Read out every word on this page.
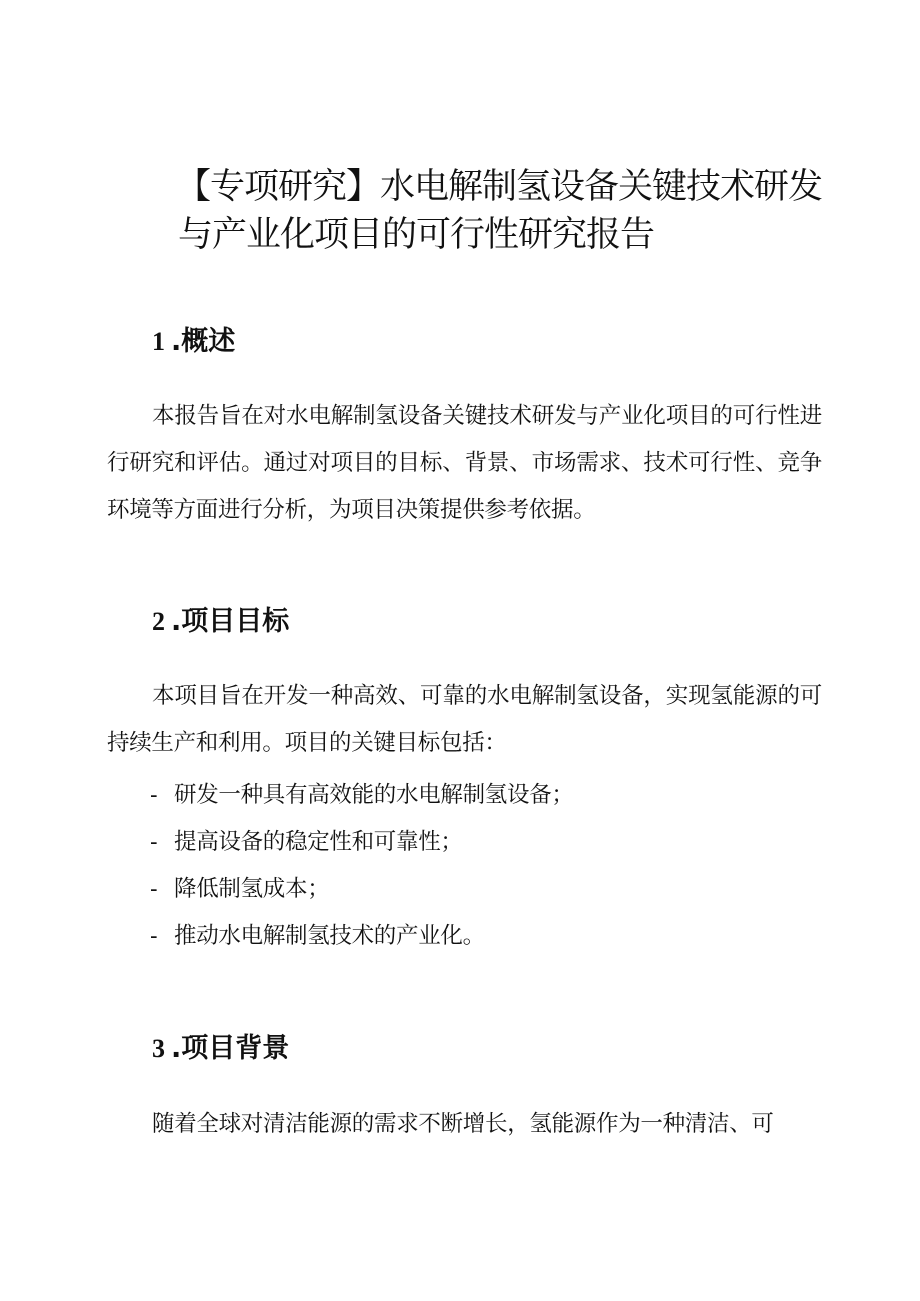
【专项研究】水电解制氢设备关键技术研发
与产业化项目的可行性研究报告
1 .概述

本报告旨在对水电解制氢设备关键技术研发与产业化项目的可行性进行研究和评估。通过对项目的目标、背景、市场需求、技术可行性、竞争环境等方面进行分析，为项目决策提供参考依据。

2 .项目目标

本项目旨在开发一种高效、可靠的水电解制氢设备，实现氢能源的可持续生产和利用。项目的关键目标包括：

- 研发一种具有高效能的水电解制氢设备；
- 提高设备的稳定性和可靠性；
- 降低制氢成本；
- 推动水电解制氢技术的产业化。
3 .项目背景

随着全球对清洁能源的需求不断增长，氢能源作为一种清洁、可
